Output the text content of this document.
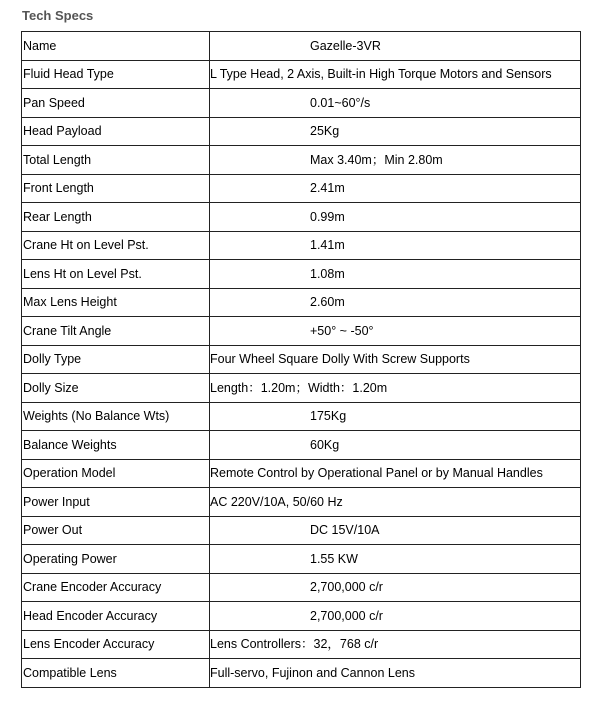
Tech Specs
Name	Gazelle-3VR
Fluid Head Type	L Type Head, 2 Axis, Built-in High Torque Motors and Sensors
Pan Speed	0.01~60°/s
Head Payload	25Kg
Total Length	Max 3.40m；Min 2.80m
Front Length	2.41m
Rear Length	0.99m
Crane Ht on Level Pst.	1.41m
Lens Ht on Level Pst.	1.08m
Max Lens Height	2.60m
Crane Tilt Angle	+50° ~ -50°
Dolly Type	Four Wheel Square Dolly With Screw Supports
Dolly Size	Length：1.20m；Width：1.20m
Weights (No Balance Wts)	175Kg
Balance Weights	60Kg
Operation Model	Remote Control by Operational Panel or by Manual Handles
Power Input	AC 220V/10A, 50/60 Hz
Power Out	DC 15V/10A
Operating Power	1.55 KW
Crane Encoder Accuracy	2,700,000 c/r
Head Encoder Accuracy	2,700,000 c/r
Lens Encoder Accuracy	Lens Controllers：32，768 c/r
Compatible Lens	Full-servo, Fujinon and Cannon Lens
